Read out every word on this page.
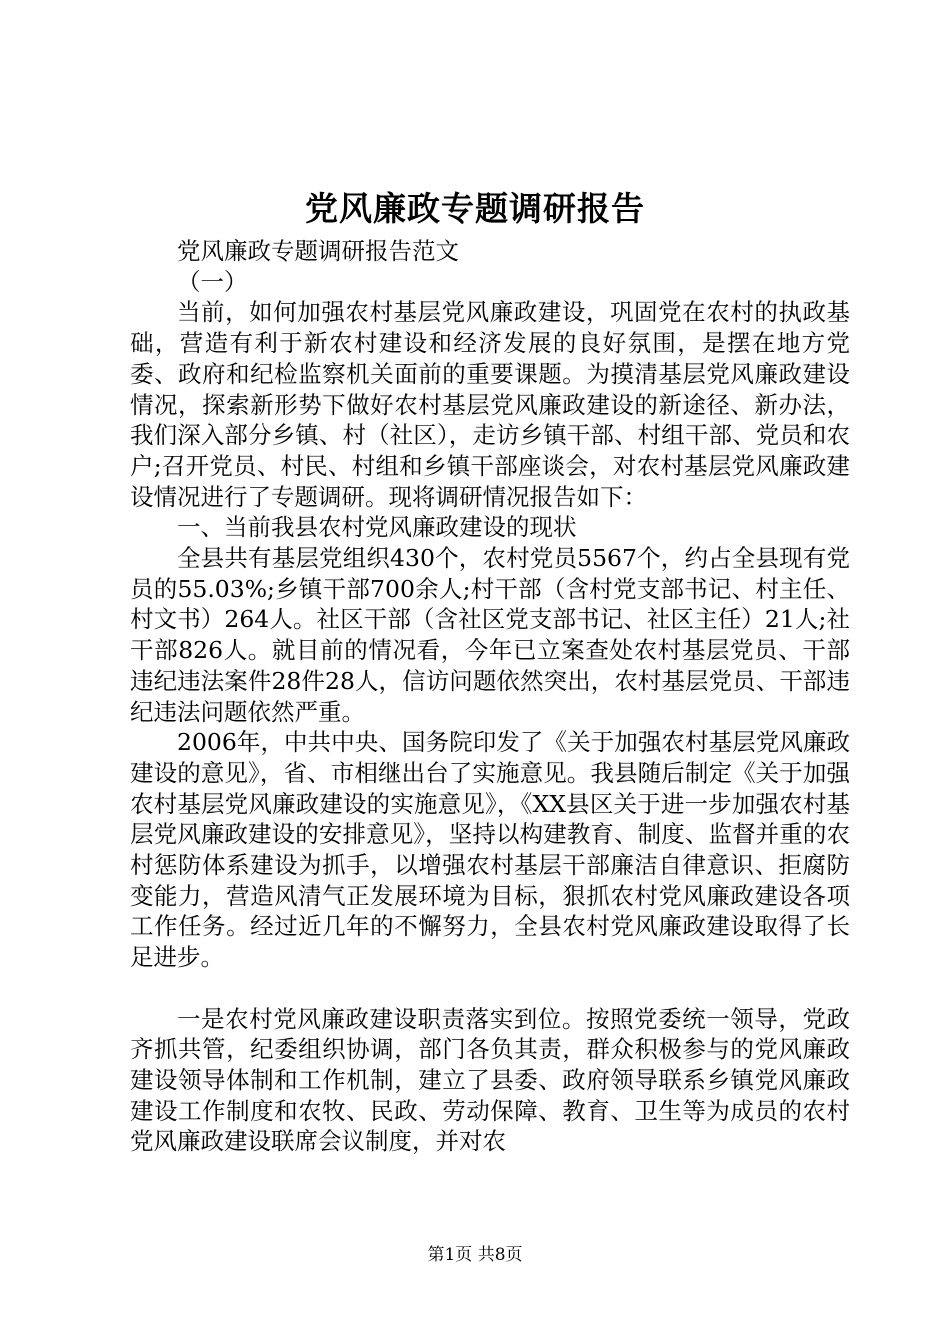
党风廉政专题调研报告

党风廉政专题调研报告范文

（一）

当前，如何加强农村基层党风廉政建设，巩固党在农村的执政基础，营造有利于新农村建设和经济发展的良好氛围，是摆在地方党委、政府和纪检监察机关面前的重要课题。为摸清基层党风廉政建设情况，探索新形势下做好农村基层党风廉政建设的新途径、新办法，我们深入部分乡镇、村（社区），走访乡镇干部、村组干部、党员和农户;召开党员、村民、村组和乡镇干部座谈会，对农村基层党风廉政建设情况进行了专题调研。现将调研情况报告如下：

一、当前我县农村党风廉政建设的现状

全县共有基层党组织430个，农村党员5567个，约占全县现有党员的55.03%;乡镇干部700余人;村干部（含村党支部书记、村主任、村文书）264人。社区干部（含社区党支部书记、社区主任）21人;社干部826人。就目前的情况看，今年已立案查处农村基层党员、干部违纪违法案件28件28人，信访问题依然突出，农村基层党员、干部违纪违法问题依然严重。

2006年，中共中央、国务院印发了《关于加强农村基层党风廉政建设的意见》，省、市相继出台了实施意见。我县随后制定《关于加强农村基层党风廉政建设的实施意见》，《XX县区关于进一步加强农村基层党风廉政建设的安排意见》，坚持以构建教育、制度、监督并重的农村惩防体系建设为抓手，以增强农村基层干部廉洁自律意识、拒腐防变能力，营造风清气正发展环境为目标，狠抓农村党风廉政建设各项工作任务。经过近几年的不懈努力，全县农村党风廉政建设取得了长足进步。

一是农村党风廉政建设职责落实到位。按照党委统一领导，党政齐抓共管，纪委组织协调，部门各负其责，群众积极参与的党风廉政建设领导体制和工作机制，建立了县委、政府领导联系乡镇党风廉政建设工作制度和农牧、民政、劳动保障、教育、卫生等为成员的农村党风廉政建设联席会议制度，并对农

第1页 共8页
